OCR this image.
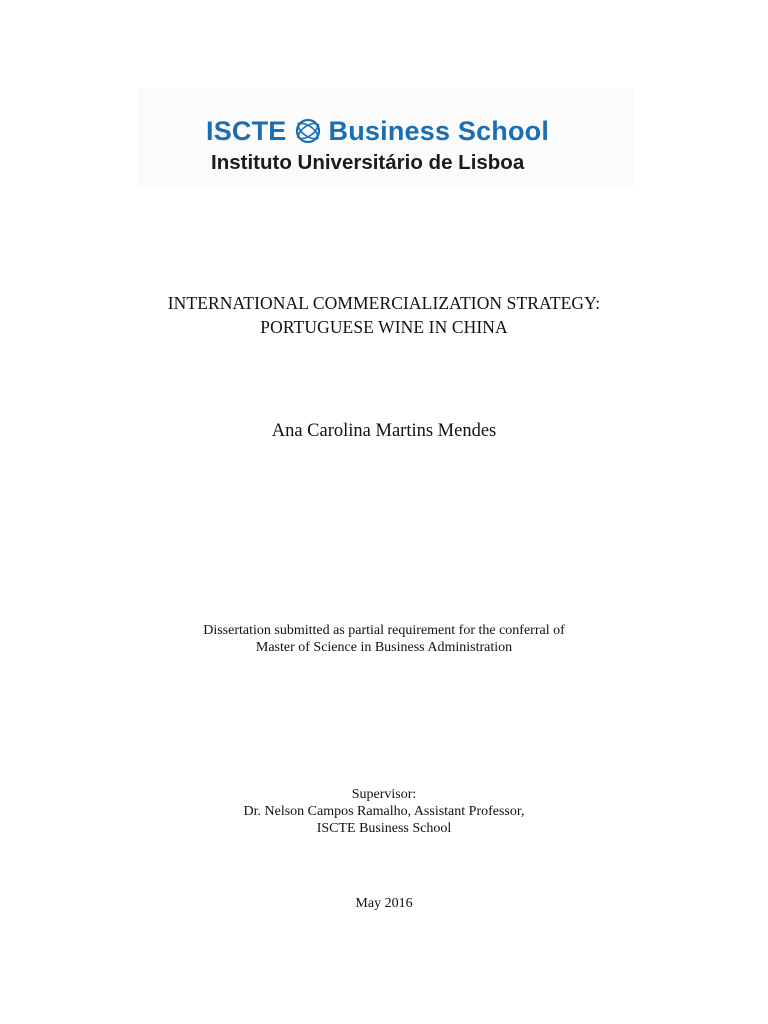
ISCTE Business School
Instituto Universitário de Lisboa
INTERNATIONAL COMMERCIALIZATION STRATEGY:
PORTUGUESE WINE IN CHINA
Ana Carolina Martins Mendes
Dissertation submitted as partial requirement for the conferral of
Master of Science in Business Administration
Supervisor:
Dr. Nelson Campos Ramalho, Assistant Professor,
ISCTE Business School
May 2016
